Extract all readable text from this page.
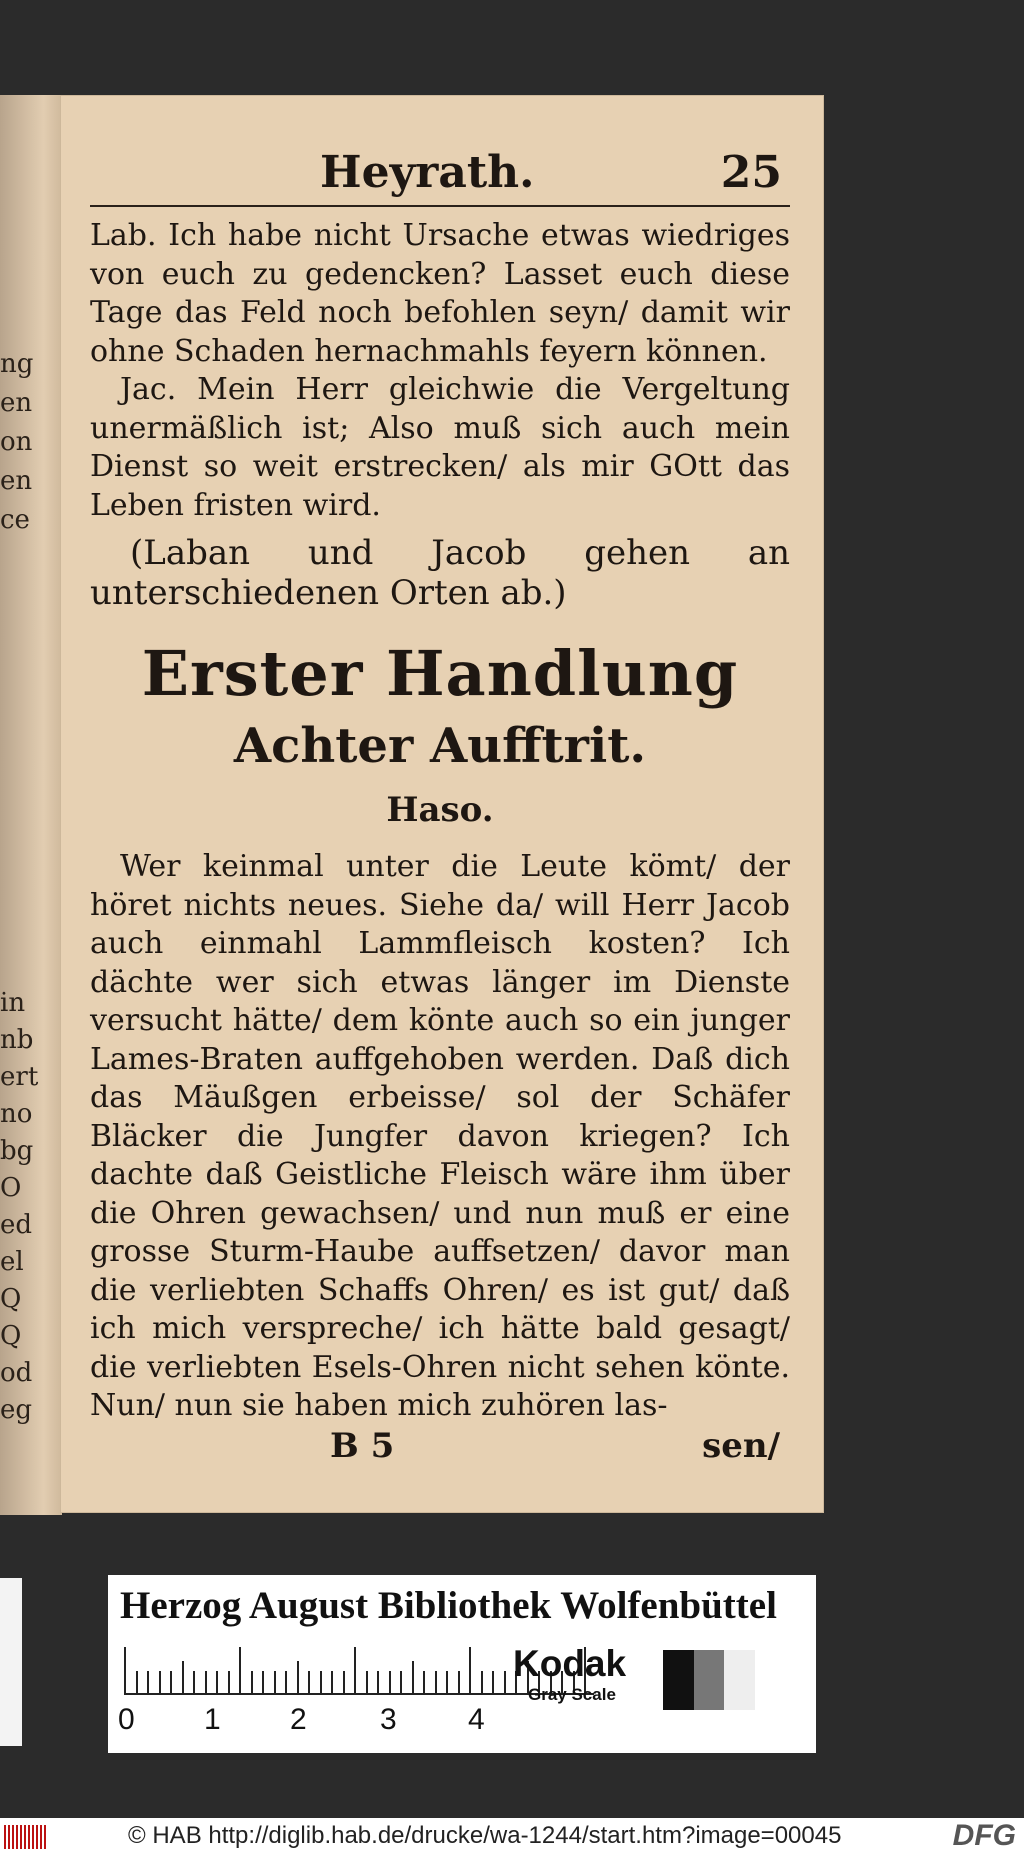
ng
en
on
en
ce
in
nb
ert
no
bg
O
ed
el
Q
Q
od
eg
Heyrath.	25

Lab. Ich habe nicht Ursache etwas wiedriges von euch zu gedencken? Lasset euch diese Tage das Feld noch befohlen seyn/ damit wir ohne Schaden hernachmahls feyern können.

Jac. Mein Herr gleichwie die Vergeltung unermäßlich ist; Also muß sich auch mein Dienst so weit erstrecken/ als mir GOtt das Leben fristen wird.

(Laban und Jacob gehen an unterschiedenen Orten ab.)

Erster Handlung
Achter Aufftrit.
Haso.

Wer keinmal unter die Leute kömt/ der höret nichts neues. Siehe da/ will Herr Jacob auch einmahl Lammfleisch kosten? Ich dächte wer sich etwas länger im Dienste versucht hätte/ dem könte auch so ein junger Lames-Braten auffgehoben werden. Daß dich das Mäußgen erbeisse/ sol der Schäfer Bläcker die Jungfer davon kriegen? Ich dachte daß Geistliche Fleisch wäre ihm über die Ohren gewachsen/ und nun muß er eine grosse Sturm-Haube auffsetzen/ davor man die verliebten Schaffs Ohren/ es ist gut/ daß ich mich verspreche/ ich hätte bald gesagt/ die verliebten Esels-Ohren nicht sehen könte. Nun/ nun sie haben mich zuhören las-

B 5	sen/
Herzog August Bibliothek Wolfenbüttel
0 1 2 3 4
Kodak
Gray Scale
© HAB http://diglib.hab.de/drucke/wa-1244/start.htm?image=00045	DFG
